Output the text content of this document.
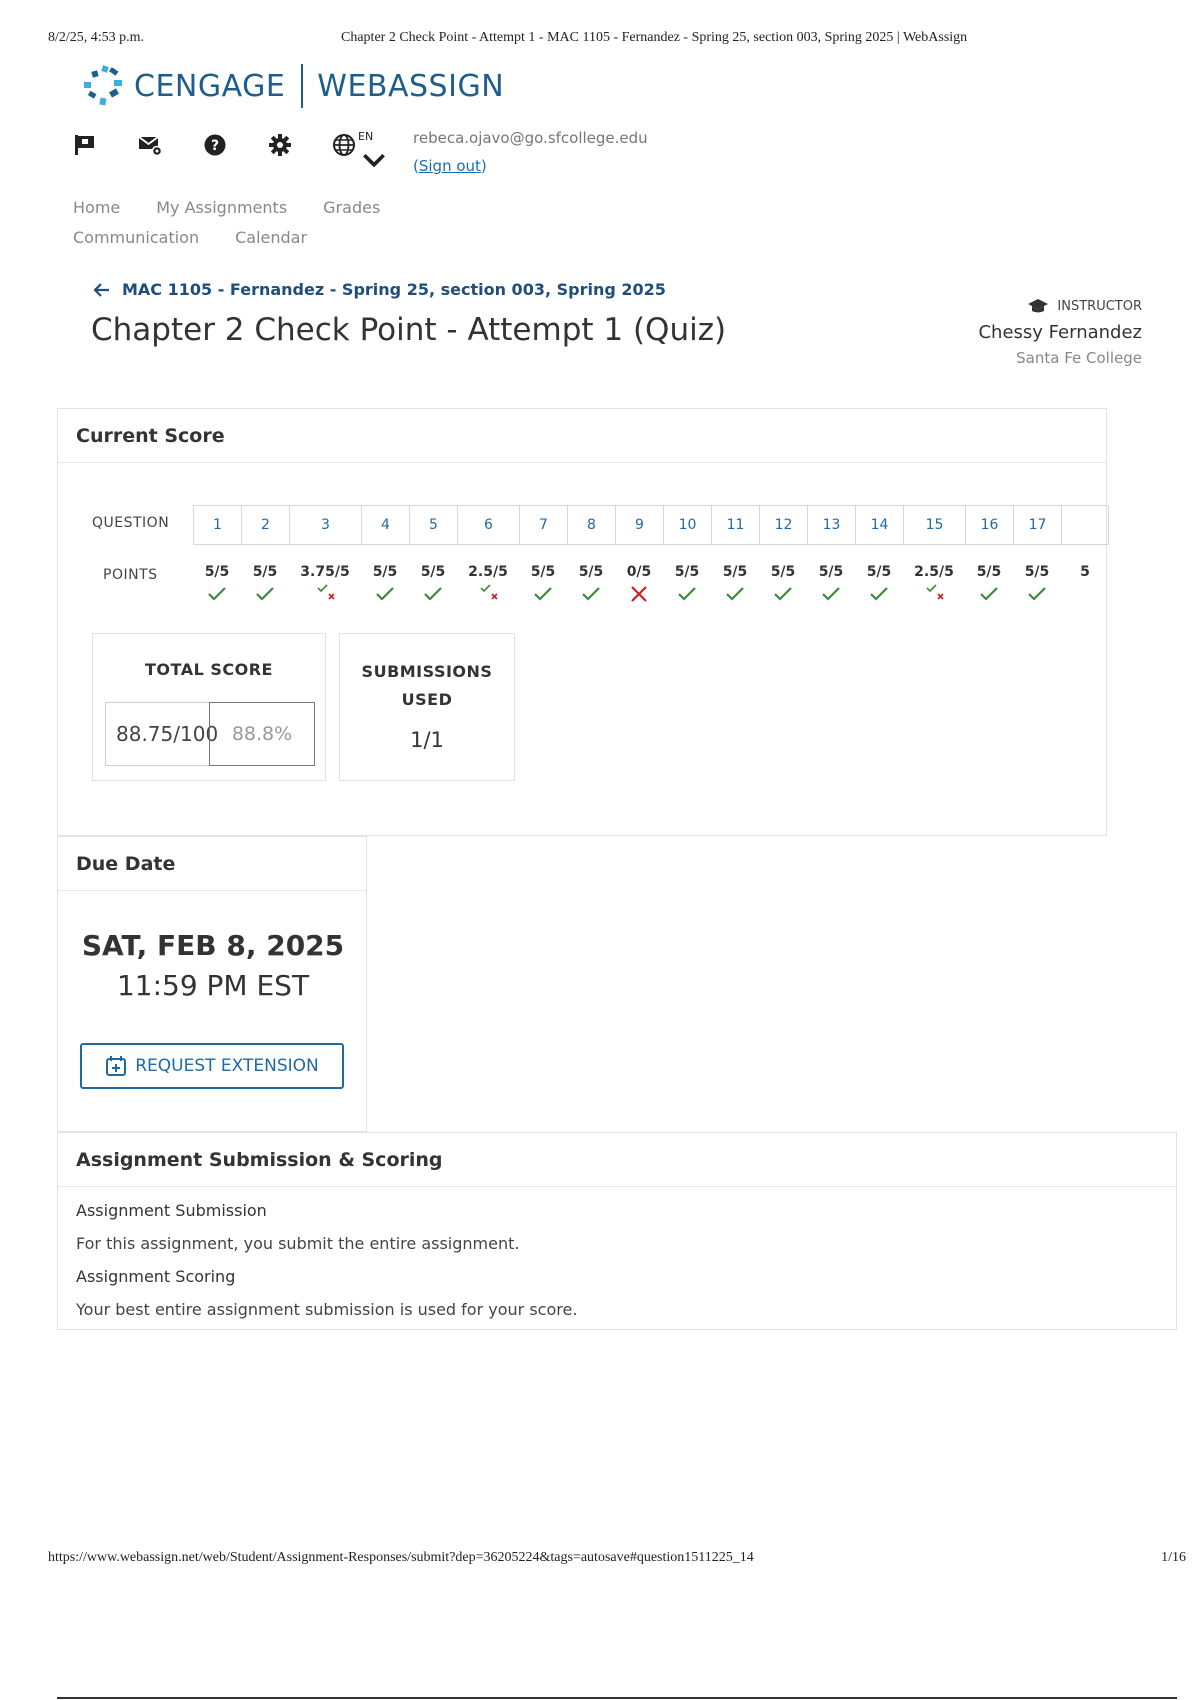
8/2/25, 4:53 p.m.	Chapter 2 Check Point - Attempt 1 - MAC 1105 - Fernandez - Spring 25, section 003, Spring 2025 | WebAssign
CENGAGE WEBASSIGN
?
EN	rebeca.ojavo@go.sfcollege.edu
(Sign out)
Home My Assignments Grades
Communication Calendar
MAC 1105 - Fernandez - Spring 25, section 003, Spring 2025
Chapter 2 Check Point - Attempt 1 (Quiz)
INSTRUCTOR
Chessy Fernandez
Santa Fe College
Current Score
QUESTION	1	2	3	4	5	6	7	8	9	10	11	12	13	14	15	16	17
POINTS	5/5 5/5 3.75/5 5/5 5/5 2.5/5 5/5 5/5 0/5 5/5 5/5 5/5 5/5 5/5 2.5/5 5/5 5/5 5
TOTAL SCORE
88.75/100 88.8%
SUBMISSIONS USED
1/1
Due Date
SAT, FEB 8, 2025
11:59 PM EST
REQUEST EXTENSION
Assignment Submission & Scoring
Assignment Submission

For this assignment, you submit the entire assignment.

Assignment Scoring

Your best entire assignment submission is used for your score.

https://www.webassign.net/web/Student/Assignment-Responses/submit?dep=36205224&tags=autosave#question1511225_14	1/16
